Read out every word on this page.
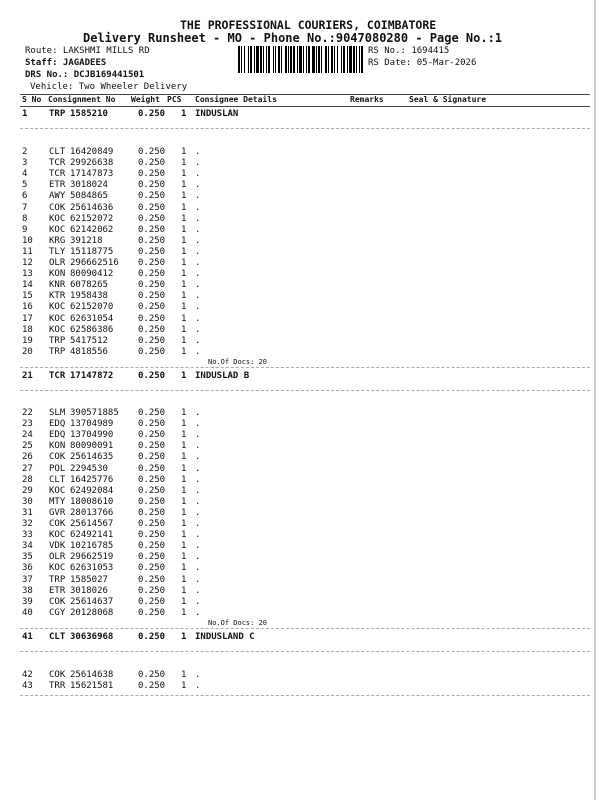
THE PROFESSIONAL COURIERS, COIMBATORE
Delivery Runsheet - MO - Phone No.:9047080280 - Page No.:1
Route: LAKSHMI MILLS RD
Staff: JAGADEES
DRS No.: DCJB169441501
Vehicle: Two Wheeler Delivery
RS No.: 1694415
RS Date: 05-Mar-2026
S No Consignment No Weight PCS Consignee Details	Remarks	Seal & Signature
1 TRP 1585210	0.250 1 INDUSLAN
2 CLT 16420849	0.250 1 .
3 TCR 29926638	0.250 1 .
4 TCR 17147873	0.250 1 .
5 ETR 3018024	0.250 1 .
6 AWY 5084865	0.250 1 .
7 COK 25614636	0.250 1 .
8 KOC 62152072	0.250 1 .
9 KOC 62142062	0.250 1 .
10 KRG 391218	0.250 1 .
11 TLY 15118775	0.250 1 .
12 OLR 296662516 0.250 1 .
13 KON 80090412	0.250 1 .
14 KNR 6078265	0.250 1 .
15 KTR 1958438	0.250 1 .
16 KOC 62152070	0.250 1 .
17 KOC 62631054	0.250 1 .
18 KOC 62586386	0.250 1 .
19 TRP 5417512	0.250 1 .
20 TRP 4818556	0.250 1 .
No.Of Docs: 20
21 TCR 17147872	0.250 1 INDUSLAD B
22 SLM 390571885 0.250 1 .
23 EDQ 13704989	0.250 1 .
24 EDQ 13704990	0.250 1 .
25 KON 80090091	0.250 1 .
26 COK 25614635	0.250 1 .
27 POL 2294530	0.250 1 .
28 CLT 16425776	0.250 1 .
29 KOC 62492084	0.250 1 .
30 MTY 18008610	0.250 1 .
31 GVR 28013766	0.250 1 .
32 COK 25614567	0.250 1 .
33 KOC 62492141	0.250 1 .
34 VDK 10216785	0.250 1 .
35 OLR 29662519	0.250 1 .
36 KOC 62631053	0.250 1 .
37 TRP 1585027	0.250 1 .
38 ETR 3018026	0.250 1 .
39 COK 25614637	0.250 1 .
40 CGY 20128068	0.250 1 .
No.Of Docs: 20
41 CLT 30636968	0.250 1 INDUSLAND C
42 COK 25614638	0.250 1 .
43 TRR 15621581	0.250 1 .
